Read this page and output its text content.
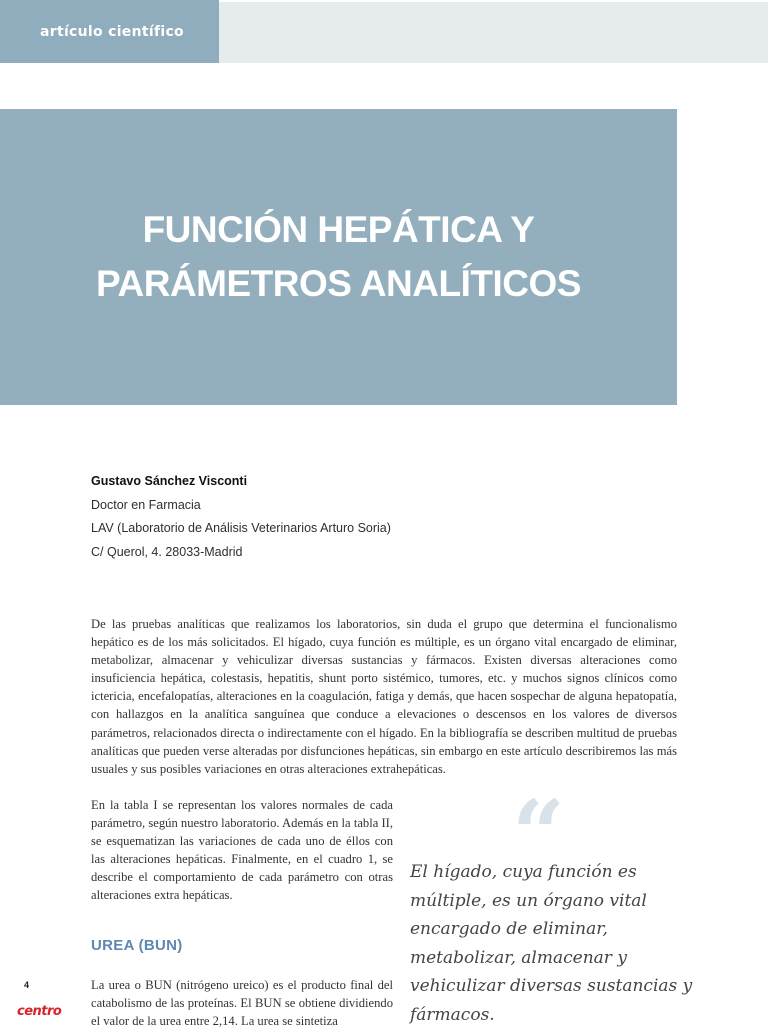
artículo científico
FUNCIÓN HEPÁTICA Y
PARÁMETROS ANALÍTICOS
Gustavo Sánchez Visconti
Doctor en Farmacia
LAV (Laboratorio de Análisis Veterinarios Arturo Soria)
C/ Querol, 4. 28033-Madrid

De las pruebas analíticas que realizamos los laboratorios, sin duda el grupo que determina el funcionalismo hepático es de los más solicitados. El hígado, cuya función es múltiple, es un órgano vital encargado de eliminar, metabolizar, almacenar y vehiculizar diversas sustancias y fármacos. Existen diversas alteraciones como insuficiencia hepática, colestasis, hepatitis, shunt porto sistémico, tumores, etc. y muchos signos clínicos como ictericia, encefalopatías, alteraciones en la coagulación, fatiga y demás, que hacen sospechar de alguna hepatopatía, con hallazgos en la analítica sanguínea que conduce a elevaciones o descensos en los valores de diversos parámetros, relacionados directa o indirectamente con el hígado. En la bibliografía se describen multitud de pruebas analíticas que pueden verse alteradas por disfunciones hepáticas, sin embargo en este artículo describiremos las más usuales y sus posibles variaciones en otras alteraciones extrahepáticas.

En la tabla I se representan los valores normales de cada parámetro, según nuestro laboratorio. Además en la tabla II, se esquematizan las variaciones de cada uno de éllos con las alteraciones hepáticas. Finalmente, en el cuadro 1, se describe el comportamiento de cada parámetro con otras alteraciones extra hepáticas.

UREA (BUN)

La urea o BUN (nitrógeno ureico) es el producto final del catabolismo de las proteínas. El BUN se obtiene dividiendo el valor de la urea entre 2,14. La urea se sintetiza

“
El hígado, cuya función es múltiple, es un órgano vital encargado de eliminar, metabolizar, almacenar y vehiculizar diversas sustancias y fármacos.
4
centro
